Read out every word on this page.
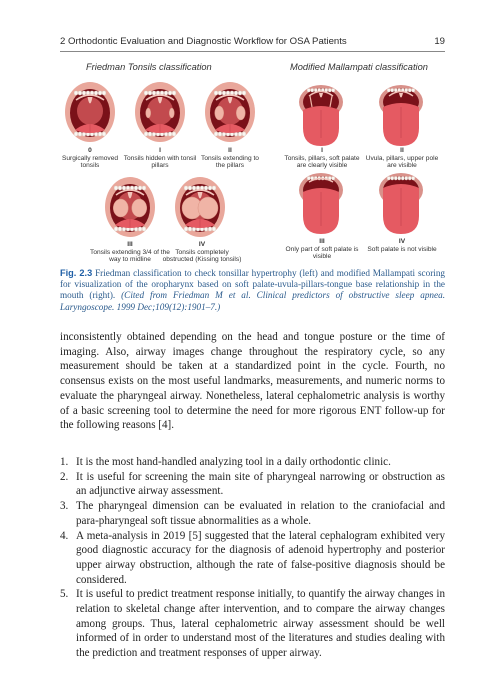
2 Orthodontic Evaluation and Diagnostic Workflow for OSA Patients	19
Friedman Tonsils classification	Modified Mallampati classification
0
Surgically removed tonsils
I
Tonsils hidden with tonsil pillars
II
Tonsils extending to the pillars
III
Tonsils extending 3/4 of the way to midline
IV
Tonsils completely obstructed (Kissing tonsils)
I
Tonsils, pillars, soft palate are clearly visible
II
Uvula, pillars, upper pole are visible
III
Only part of soft palate is visible
IV
Soft palate is not visible
Fig. 2.3 Friedman classification to check tonsillar hypertrophy (left) and modified Mallampati scoring for visualization of the oropharynx based on soft palate-uvula-pillars-tongue base relationship in the mouth (right). (Cited from Friedman M et al. Clinical predictors of obstructive sleep apnea. Laryngoscope. 1999 Dec;109(12):1901–7.)
inconsistently obtained depending on the head and tongue posture or the time of imaging. Also, airway images change throughout the respiratory cycle, so any measurement should be taken at a standardized point in the cycle. Fourth, no consensus exists on the most useful landmarks, measurements, and numeric norms to evaluate the pharyngeal airway. Nonetheless, lateral cephalometric analysis is worthy of a basic screening tool to determine the need for more rigorous ENT follow-up for the following reasons [4].
1. It is the most hand-handled analyzing tool in a daily orthodontic clinic.
2. It is useful for screening the main site of pharyngeal narrowing or obstruction as an adjunctive airway assessment.
3. The pharyngeal dimension can be evaluated in relation to the craniofacial and para-pharyngeal soft tissue abnormalities as a whole.
4. A meta-analysis in 2019 [5] suggested that the lateral cephalogram exhibited very good diagnostic accuracy for the diagnosis of adenoid hypertrophy and posterior upper airway obstruction, although the rate of false-positive diagnosis should be considered.
5. It is useful to predict treatment response initially, to quantify the airway changes in relation to skeletal change after intervention, and to compare the airway changes among groups. Thus, lateral cephalometric airway assessment should be well informed of in order to understand most of the literatures and studies dealing with the prediction and treatment responses of upper airway.
